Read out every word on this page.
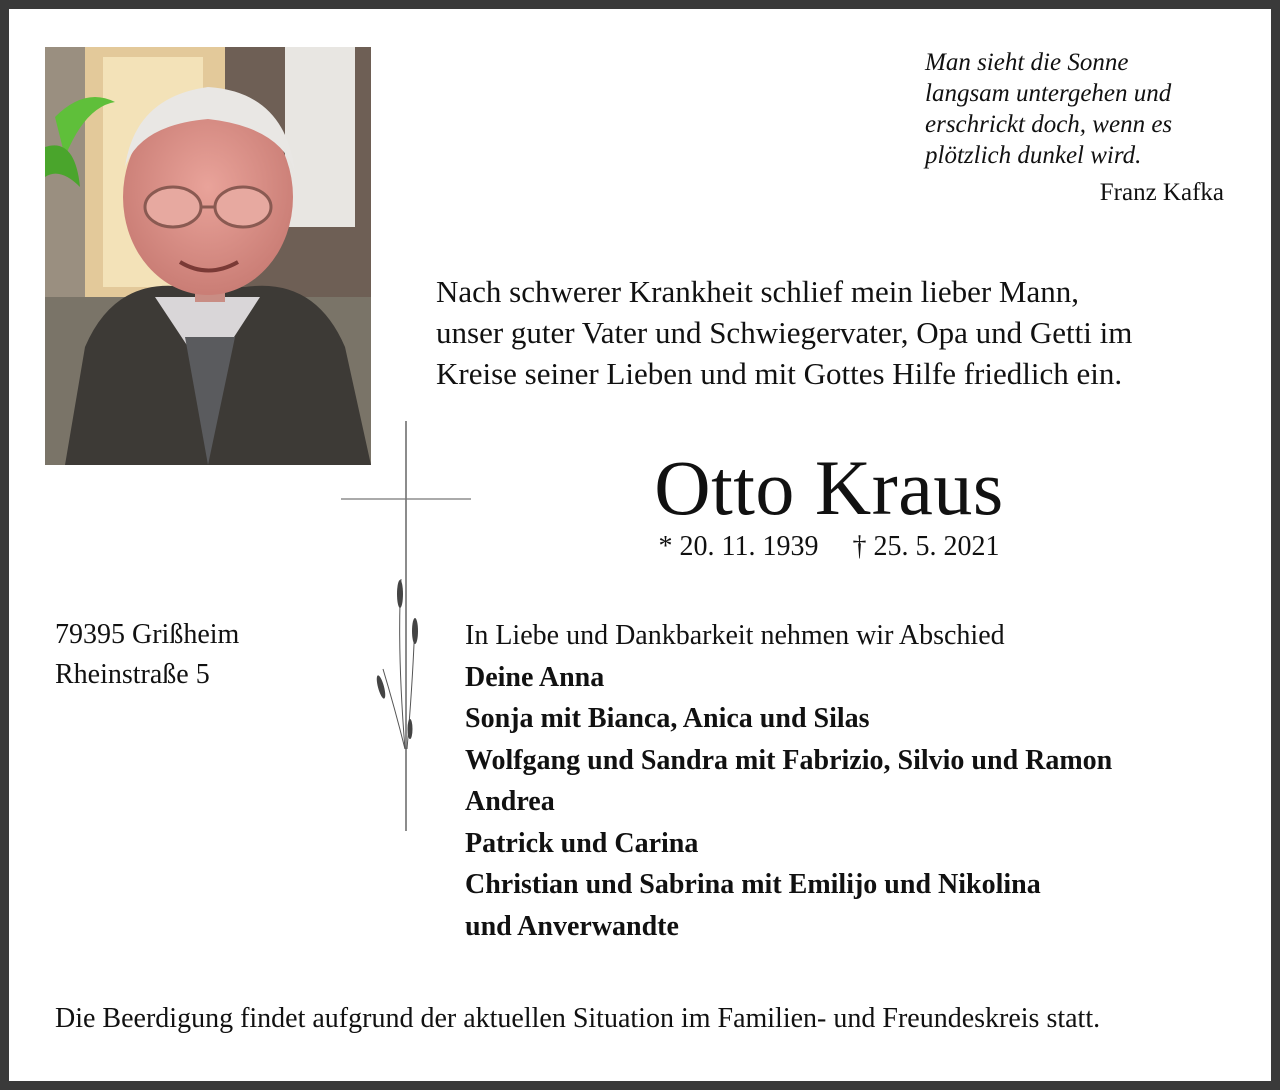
Man sieht die Sonne
langsam untergehen und
erschrickt doch, wenn es
plötzlich dunkel wird.
Franz Kafka
Nach schwerer Krankheit schlief mein lieber Mann,
unser guter Vater und Schwiegervater, Opa und Getti im
Kreise seiner Lieben und mit Gottes Hilfe friedlich ein.
Otto Kraus
* 20. 11. 1939 † 25. 5. 2021
79395 Grißheim
Rheinstraße 5
In Liebe und Dankbarkeit nehmen wir Abschied
Deine Anna
Sonja mit Bianca, Anica und Silas
Wolfgang und Sandra mit Fabrizio, Silvio und Ramon
Andrea
Patrick und Carina
Christian und Sabrina mit Emilijo und Nikolina
und Anverwandte
Die Beerdigung findet aufgrund der aktuellen Situation im Familien- und Freundeskreis statt.
